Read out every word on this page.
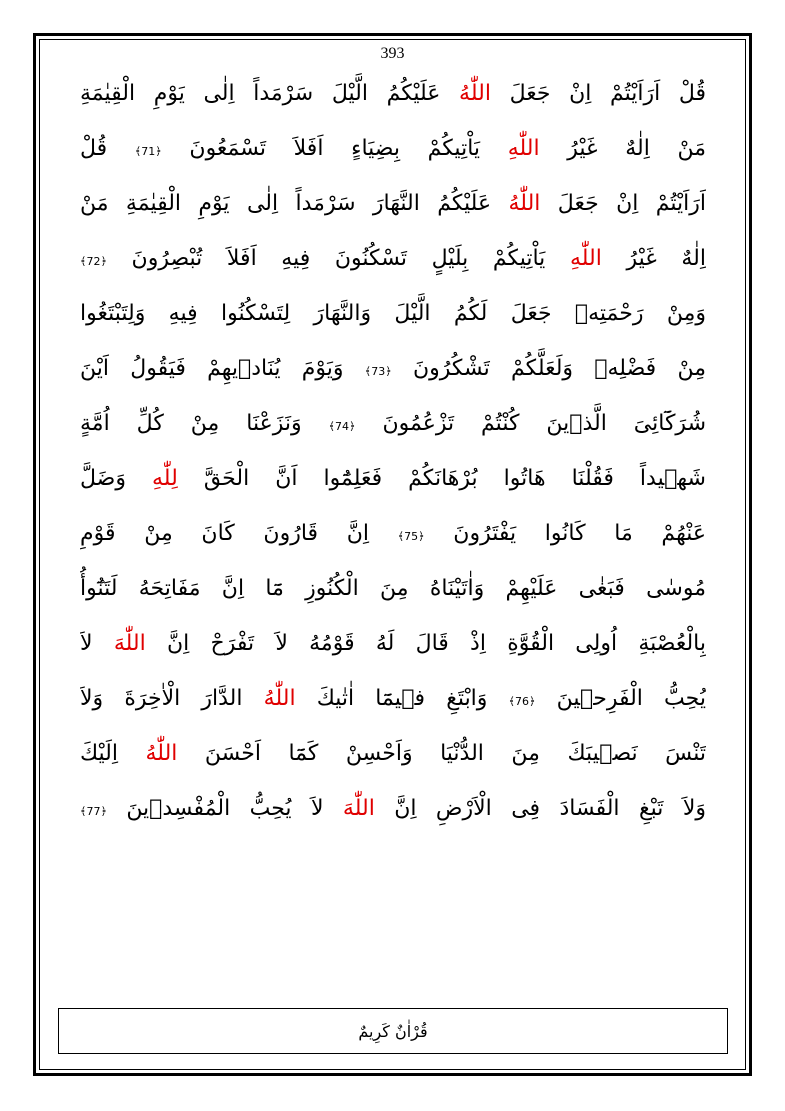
393
قُلْ اَرَاَيْتُمْ اِنْ جَعَلَ اللّٰهُ عَلَيْكُمُ الَّيْلَ سَرْمَداً اِلٰى يَوْمِ الْقِيٰمَةِ
مَنْ اِلٰهٌ غَيْرُ اللّٰهِ يَاْتِيكُمْ بِضِيَاءٍ اَفَلاَ تَسْمَعُونَ ﴿71﴾ قُلْ
اَرَاَيْتُمْ اِنْ جَعَلَ اللّٰهُ عَلَيْكُمُ النَّهَارَ سَرْمَداً اِلٰى يَوْمِ الْقِيٰمَةِ مَنْ
اِلٰهٌ غَيْرُ اللّٰهِ يَاْتِيكُمْ بِلَيْلٍ تَسْكُنُونَ فِيهِ اَفَلاَ تُبْصِرُونَ ﴿72﴾
وَمِنْ رَحْمَتِه۪ جَعَلَ لَكُمُ الَّيْلَ وَالنَّهَارَ لِتَسْكُنُوا فِيهِ وَلِتَبْتَغُوا
مِنْ فَضْلِه۪ وَلَعَلَّكُمْ تَشْكُرُونَ ﴿73﴾ وَيَوْمَ يُنَادٖيهِمْ فَيَقُولُ اَيْنَ
شُرَكَٓائِىَ الَّذٖينَ كُنْتُمْ تَزْعُمُونَ ﴿74﴾ وَنَزَعْنَا مِنْ كُلِّ اُمَّةٍ
شَهٖيداً فَقُلْنَا هَاتُوا بُرْهَانَكُمْ فَعَلِمُٓوا اَنَّ الْحَقَّ لِلّٰهِ وَضَلَّ
عَنْهُمْ مَا كَانُوا يَفْتَرُونَ ﴿75﴾ اِنَّ قَارُونَ كَانَ مِنْ قَوْمِ
مُوسٰى فَبَغٰى عَلَيْهِمْ وَاٰتَيْنَاهُ مِنَ الْكُنُوزِ مَٓا اِنَّ مَفَاتِحَهُ لَتَنُٓوأُ
بِالْعُصْبَةِ اُولِى الْقُوَّةِ اِذْ قَالَ لَهُ قَوْمُهُ لاَ تَفْرَحْ اِنَّ اللّٰهَ لاَ
يُحِبُّ الْفَرِحٖينَ ﴿76﴾ وَابْتَغِ فٖيمَٓا اٰتٰيكَ اللّٰهُ الدَّارَ الْاٰخِرَةَ وَلاَ
تَنْسَ نَصٖيبَكَ مِنَ الدُّنْيَا وَاَحْسِنْ كَمَٓا اَحْسَنَ اللّٰهُ اِلَيْكَ
وَلاَ تَبْغِ الْفَسَادَ فِى الْاَرْضِ اِنَّ اللّٰهَ لاَ يُحِبُّ الْمُفْسِدٖينَ ﴿77﴾
قُرْاٰنٌ كَرِيمٌ
